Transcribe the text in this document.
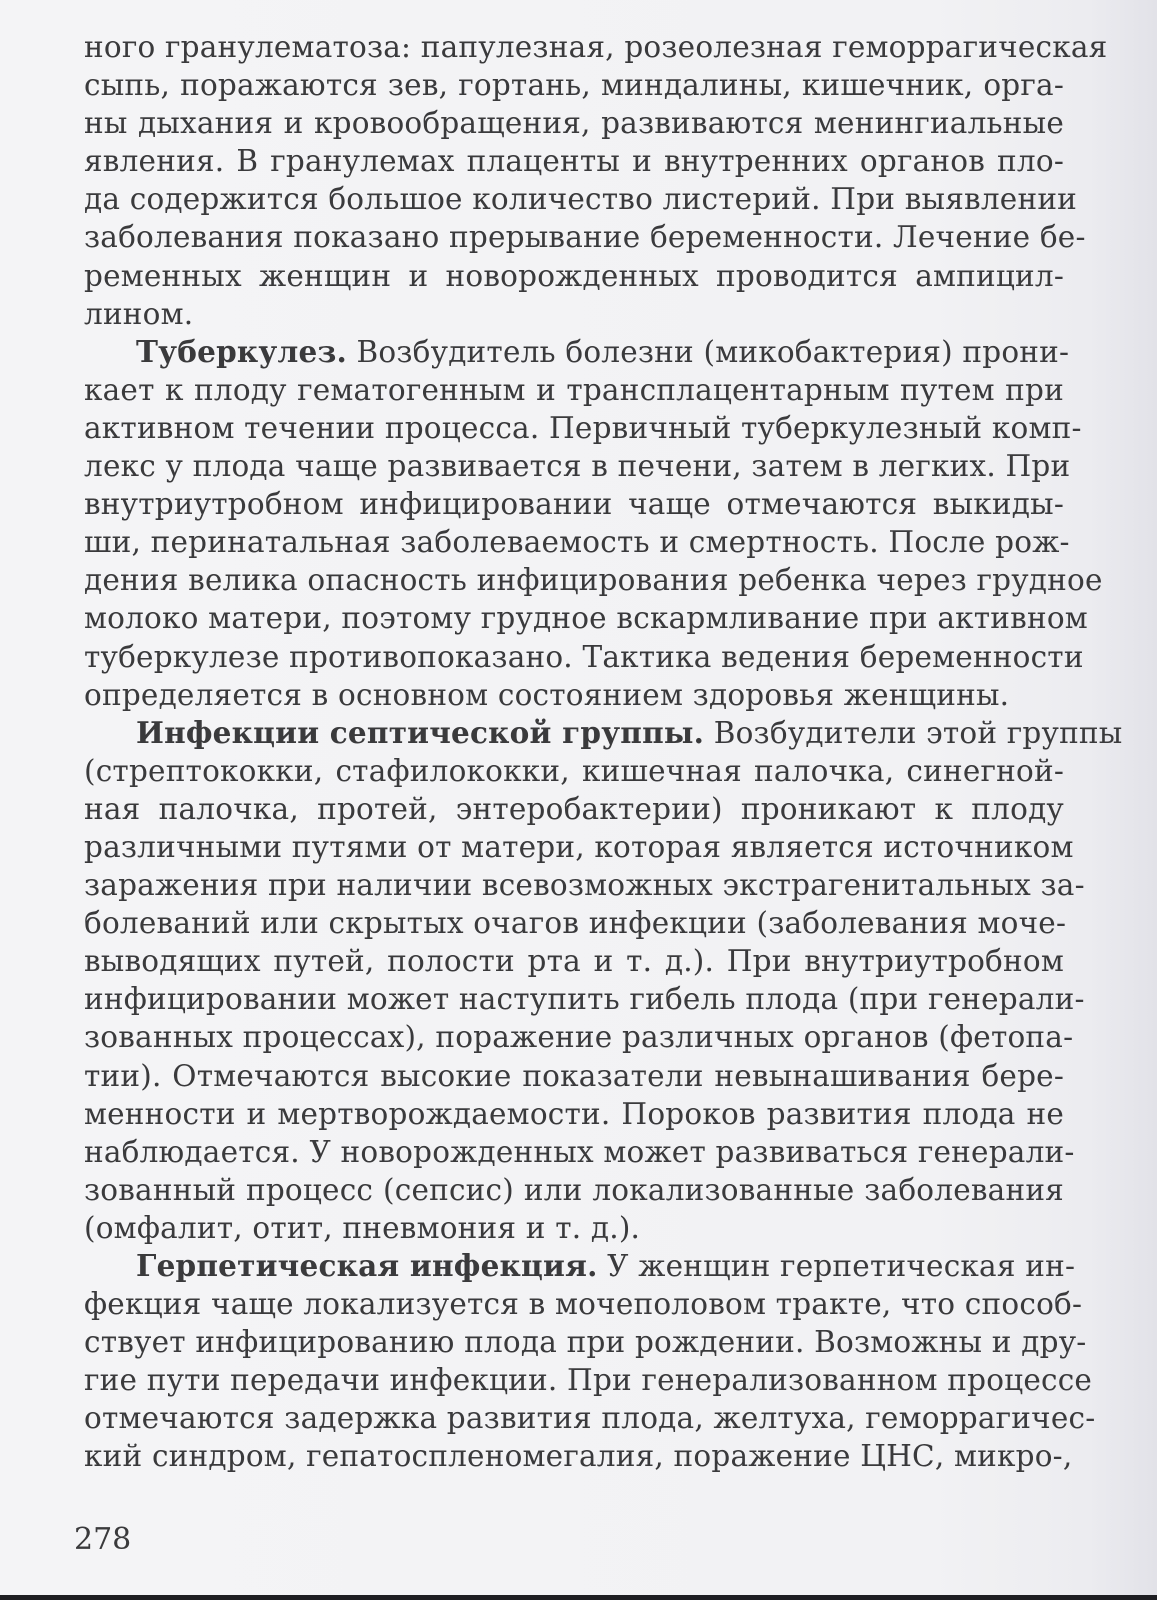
ного гранулематоза: папулезная, розеолезная геморрагическая
сыпь, поражаются зев, гортань, миндалины, кишечник, орга-
ны дыхания и кровообращения, развиваются менингиальные
явления. В гранулемах плаценты и внутренних органов пло-
да содержится большое количество листерий. При выявлении
заболевания показано прерывание беременности. Лечение бе-
ременных женщин и новорожденных проводится ампицил-
лином.
Туберкулез. Возбудитель болезни (микобактерия) прони-
кает к плоду гематогенным и трансплацентарным путем при
активном течении процесса. Первичный туберкулезный комп-
лекс у плода чаще развивается в печени, затем в легких. При
внутриутробном инфицировании чаще отмечаются выкиды-
ши, перинатальная заболеваемость и смертность. После рож-
дения велика опасность инфицирования ребенка через грудное
молоко матери, поэтому грудное вскармливание при активном
туберкулезе противопоказано. Тактика ведения беременности
определяется в основном состоянием здоровья женщины.
Инфекции септической группы. Возбудители этой группы
(стрептококки, стафилококки, кишечная палочка, синегной-
ная палочка, протей, энтеробактерии) проникают к плоду
различными путями от матери, которая является источником
заражения при наличии всевозможных экстрагенитальных за-
болеваний или скрытых очагов инфекции (заболевания моче-
выводящих путей, полости рта и т. д.). При внутриутробном
инфицировании может наступить гибель плода (при генерали-
зованных процессах), поражение различных органов (фетопа-
тии). Отмечаются высокие показатели невынашивания бере-
менности и мертворождаемости. Пороков развития плода не
наблюдается. У новорожденных может развиваться генерали-
зованный процесс (сепсис) или локализованные заболевания
(омфалит, отит, пневмония и т. д.).
Герпетическая инфекция. У женщин герпетическая ин-
фекция чаще локализуется в мочеполовом тракте, что способ-
ствует инфицированию плода при рождении. Возможны и дру-
гие пути передачи инфекции. При генерализованном процессе
отмечаются задержка развития плода, желтуха, геморрагичес-
кий синдром, гепатоспленомегалия, поражение ЦНС, микро-,
278
